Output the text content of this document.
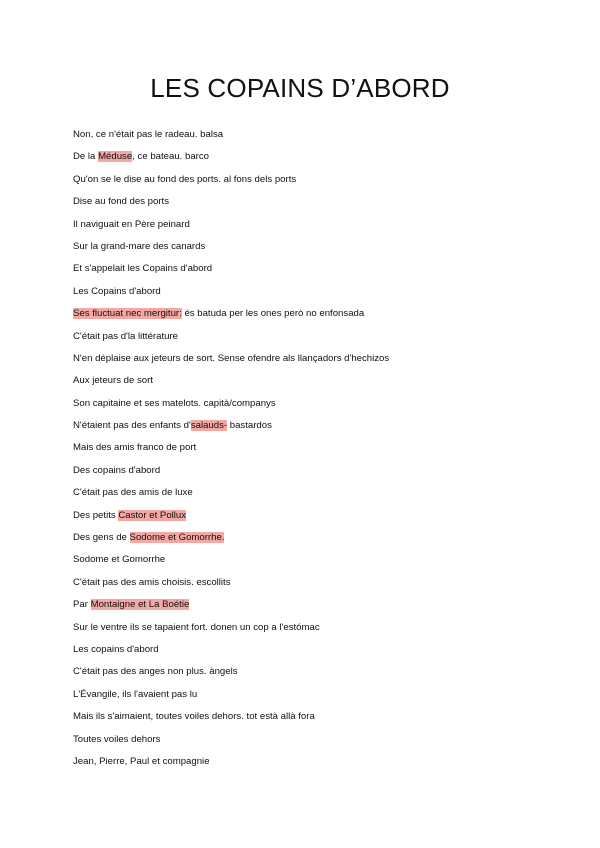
LES COPAINS D’ABORD
Non, ce n'était pas le radeau. balsa
De la Méduse, ce bateau. barco
Qu'on se le dise au fond des ports. al fons dels ports
Dise au fond des ports
Il naviguait en Père peinard
Sur la grand-mare des canards
Et s'appelait les Copains d'abord
Les Copains d'abord
Ses fluctuat nec mergitur: és batuda per les ones però no enfonsada
C'était pas d'la littérature
N'en déplaise aux jeteurs de sort. Sense ofendre als llançadors d'hechizos
Aux jeteurs de sort
Son capitaine et ses matelots. capità/companys
N'étaient pas des enfants d'salauds- bastardos
Mais des amis franco de port
Des copains d'abord
C'était pas des amis de luxe
Des petits Castor et Pollux
Des gens de Sodome et Gomorrhe.
Sodome et Gomorrhe
C'était pas des amis choisis. escollits
Par Montaigne et La Boétie
Sur le ventre ils se tapaient fort. donen un cop a l'estómac
Les copains d'abord
C'était pas des anges non plus. àngels
L'Évangile, ils l'avaient pas lu
Mais ils s'aimaient, toutes voiles dehors. tot està allà fora
Toutes voiles dehors
Jean, Pierre, Paul et compagnie
